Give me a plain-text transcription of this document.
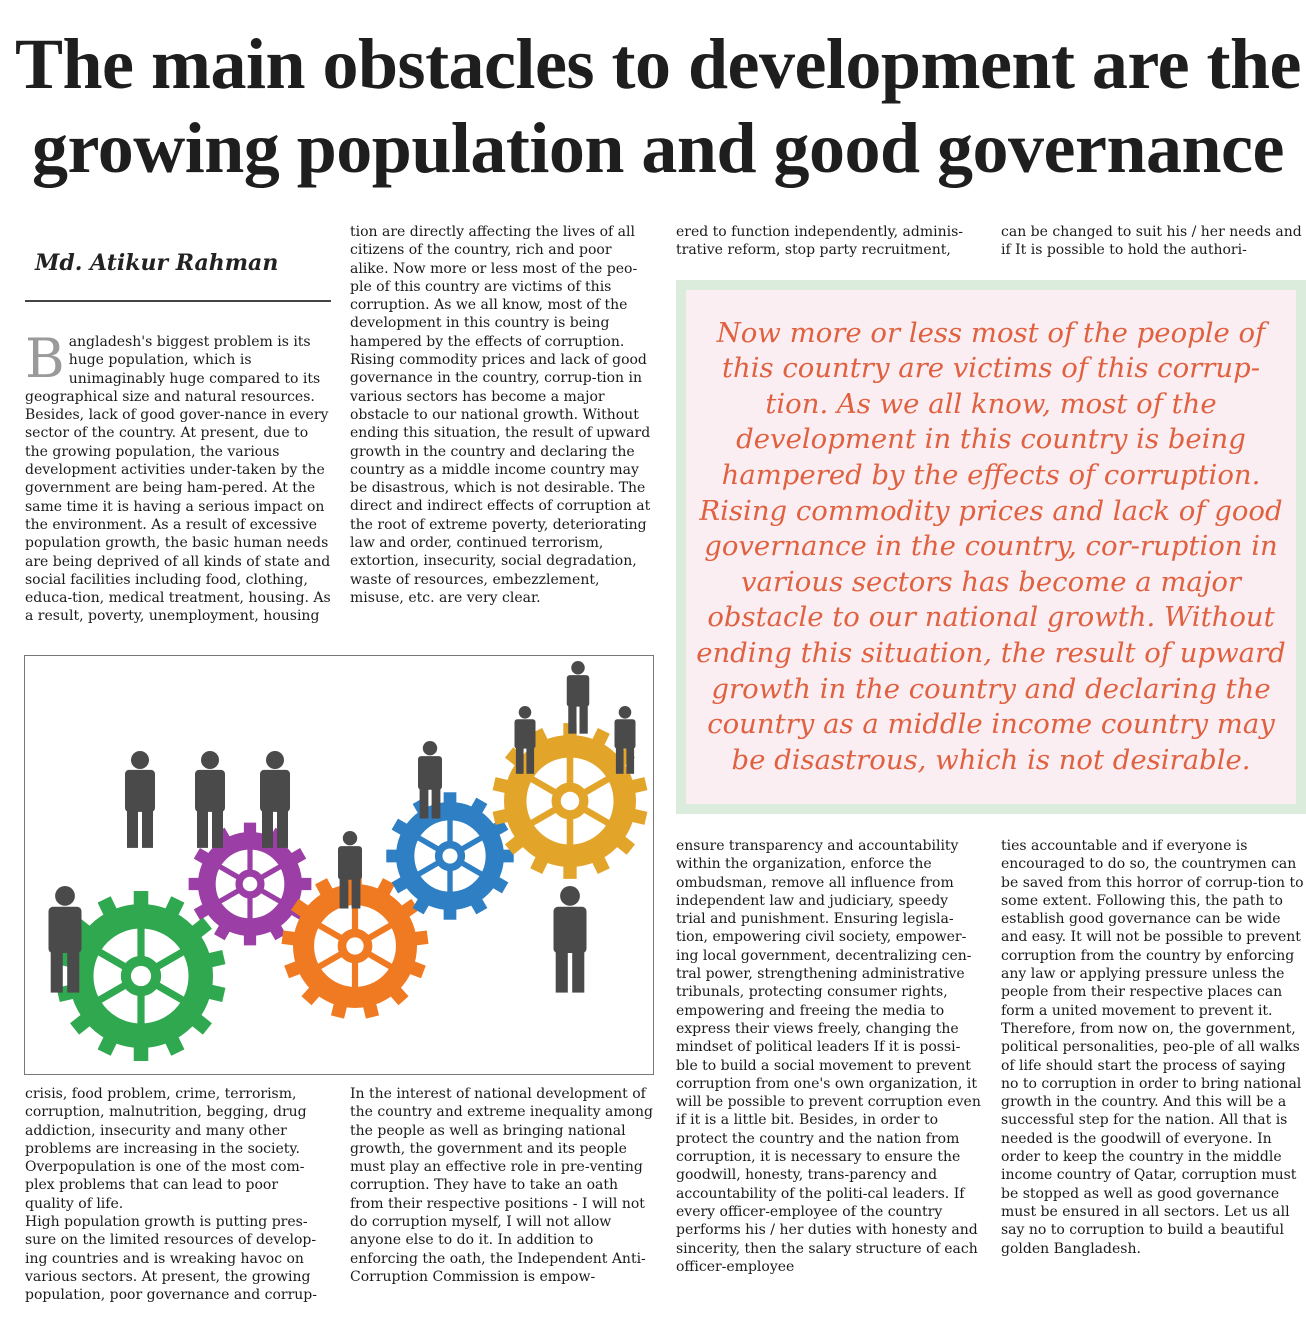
The main obstacles to development are the growing population and good governance

Md. Atikur Rahman

Bangladesh's biggest problem is its huge population, which is unimaginably huge compared to its geographical size and natural resources. Besides, lack of good gover-nance in every sector of the country. At present, due to the growing population, the various development activities under-taken by the government are being ham-pered. At the same time it is having a serious impact on the environment. As a result of excessive population growth, the basic human needs are being deprived of all kinds of state and social facilities including food, clothing, educa-tion, medical treatment, housing. As a result, poverty, unemployment, housing
tion are directly affecting the lives of all citizens of the country, rich and poor alike. Now more or less most of the peo-ple of this country are victims of this corruption. As we all know, most of the development in this country is being hampered by the effects of corruption. Rising commodity prices and lack of good governance in the country, corrup-tion in various sectors has become a major obstacle to our national growth. Without ending this situation, the result of upward growth in the country and declaring the country as a middle income country may be disastrous, which is not desirable. The direct and indirect effects of corruption at the root of extreme poverty, deteriorating law and order, continued terrorism, extortion, insecurity, social degradation, waste of resources, embezzlement, misuse, etc. are very clear.
ered to function independently, adminis-trative reform, stop party recruitment,
can be changed to suit his / her needs and if It is possible to hold the authori-

Now more or less most of the people of this country are victims of this corrup-tion. As we all know, most of the development in this country is being hampered by the effects of corruption. Rising commodity prices and lack of good governance in the country, cor-ruption in various sectors has become a major obstacle to our national growth. Without ending this situation, the result of upward growth in the country and declaring the country as a middle income country may be disastrous, which is not desirable.

crisis, food problem, crime, terrorism, corruption, malnutrition, begging, drug addiction, insecurity and many other problems are increasing in the society. Overpopulation is one of the most com-plex problems that can lead to poor quality of life.
High population growth is putting pres-sure on the limited resources of develop-ing countries and is wreaking havoc on various sectors. At present, the growing population, poor governance and corrup-
In the interest of national development of the country and extreme inequality among the people as well as bringing national growth, the government and its people must play an effective role in pre-venting corruption. They have to take an oath from their respective positions - I will not do corruption myself, I will not allow anyone else to do it. In addition to enforcing the oath, the Independent Anti-Corruption Commission is empow-
ensure transparency and accountability within the organization, enforce the ombudsman, remove all influence from independent law and judiciary, speedy trial and punishment. Ensuring legisla-tion, empowering civil society, empower-ing local government, decentralizing cen-tral power, strengthening administrative tribunals, protecting consumer rights, empowering and freeing the media to express their views freely, changing the mindset of political leaders If it is possi-ble to build a social movement to prevent corruption from one's own organization, it will be possible to prevent corruption even if it is a little bit. Besides, in order to protect the country and the nation from corruption, it is necessary to ensure the goodwill, honesty, trans-parency and accountability of the politi-cal leaders. If every officer-employee of the country performs his / her duties with honesty and sincerity, then the salary structure of each officer-employee
ties accountable and if everyone is encouraged to do so, the countrymen can be saved from this horror of corrup-tion to some extent. Following this, the path to establish good governance can be wide and easy. It will not be possible to prevent corruption from the country by enforcing any law or applying pressure unless the people from their respective places can form a united movement to prevent it. Therefore, from now on, the government, political personalities, peo-ple of all walks of life should start the process of saying no to corruption in order to bring national growth in the country. And this will be a successful step for the nation. All that is needed is the goodwill of everyone. In order to keep the country in the middle income country of Qatar, corruption must be stopped as well as good governance must be ensured in all sectors. Let us all say no to corruption to build a beautiful golden Bangladesh.
